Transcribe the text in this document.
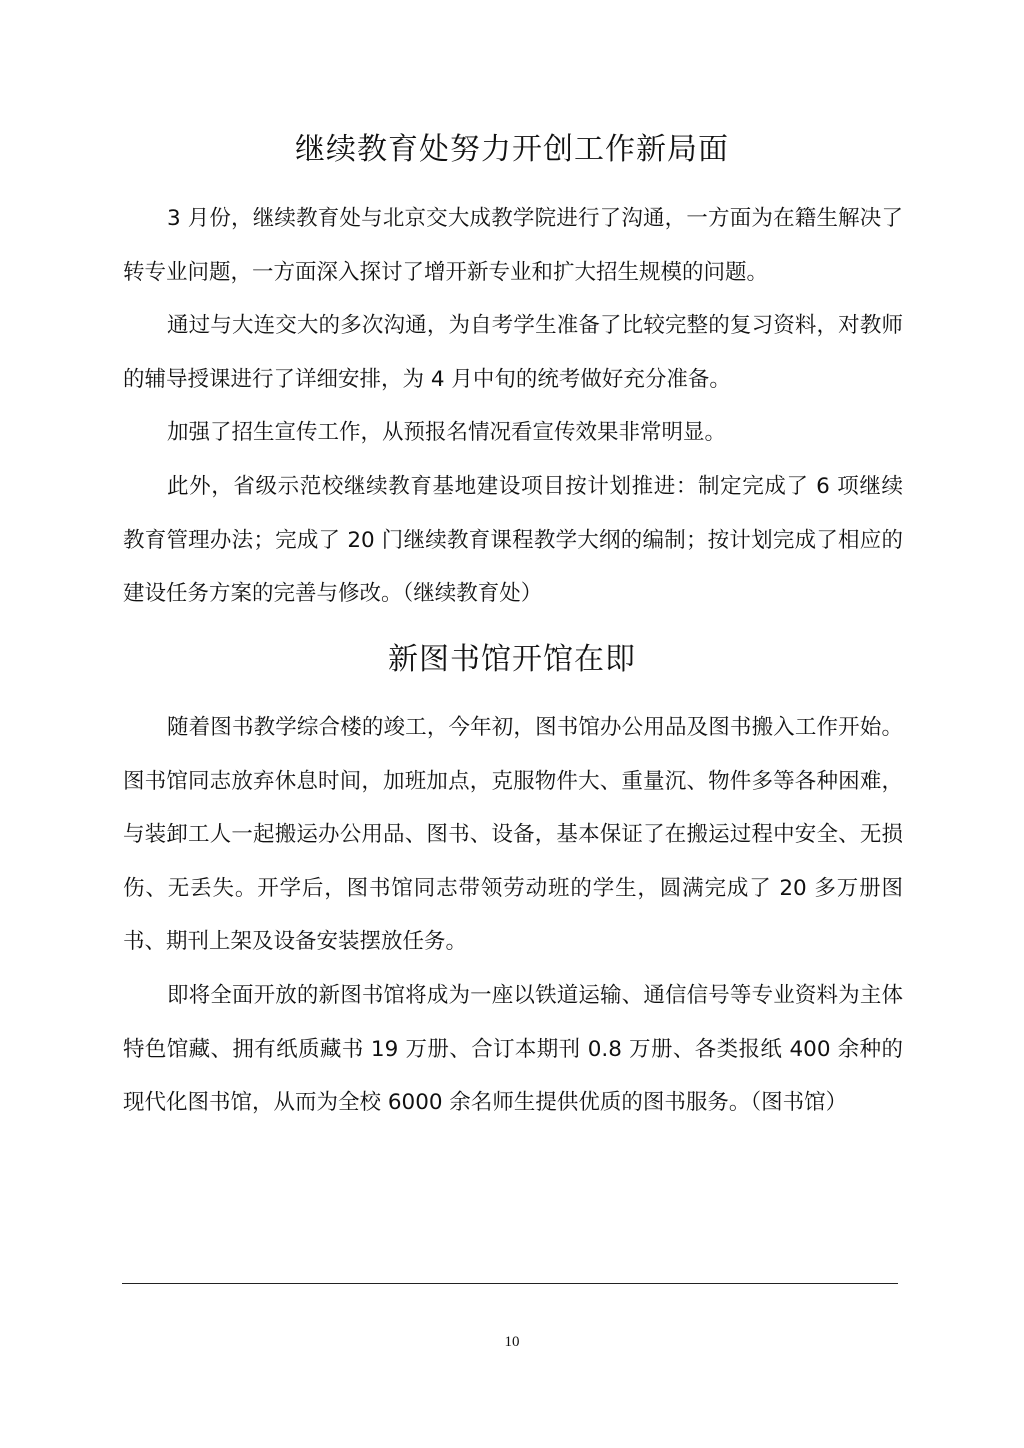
继续教育处努力开创工作新局面

3 月份，继续教育处与北京交大成教学院进行了沟通，一方面为在籍生解决了转专业问题，一方面深入探讨了增开新专业和扩大招生规模的问题。

通过与大连交大的多次沟通，为自考学生准备了比较完整的复习资料，对教师的辅导授课进行了详细安排，为 4 月中旬的统考做好充分准备。

加强了招生宣传工作，从预报名情况看宣传效果非常明显。

此外，省级示范校继续教育基地建设项目按计划推进：制定完成了 6 项继续教育管理办法；完成了 20 门继续教育课程教学大纲的编制；按计划完成了相应的建设任务方案的完善与修改。（继续教育处）

新图书馆开馆在即

随着图书教学综合楼的竣工，今年初，图书馆办公用品及图书搬入工作开始。图书馆同志放弃休息时间，加班加点，克服物件大、重量沉、物件多等各种困难，与装卸工人一起搬运办公用品、图书、设备，基本保证了在搬运过程中安全、无损伤、无丢失。开学后，图书馆同志带领劳动班的学生，圆满完成了 20 多万册图书、期刊上架及设备安装摆放任务。

即将全面开放的新图书馆将成为一座以铁道运输、通信信号等专业资料为主体特色馆藏、拥有纸质藏书 19 万册、合订本期刊 0.8 万册、各类报纸 400 余种的现代化图书馆，从而为全校 6000 余名师生提供优质的图书服务。（图书馆）

10
